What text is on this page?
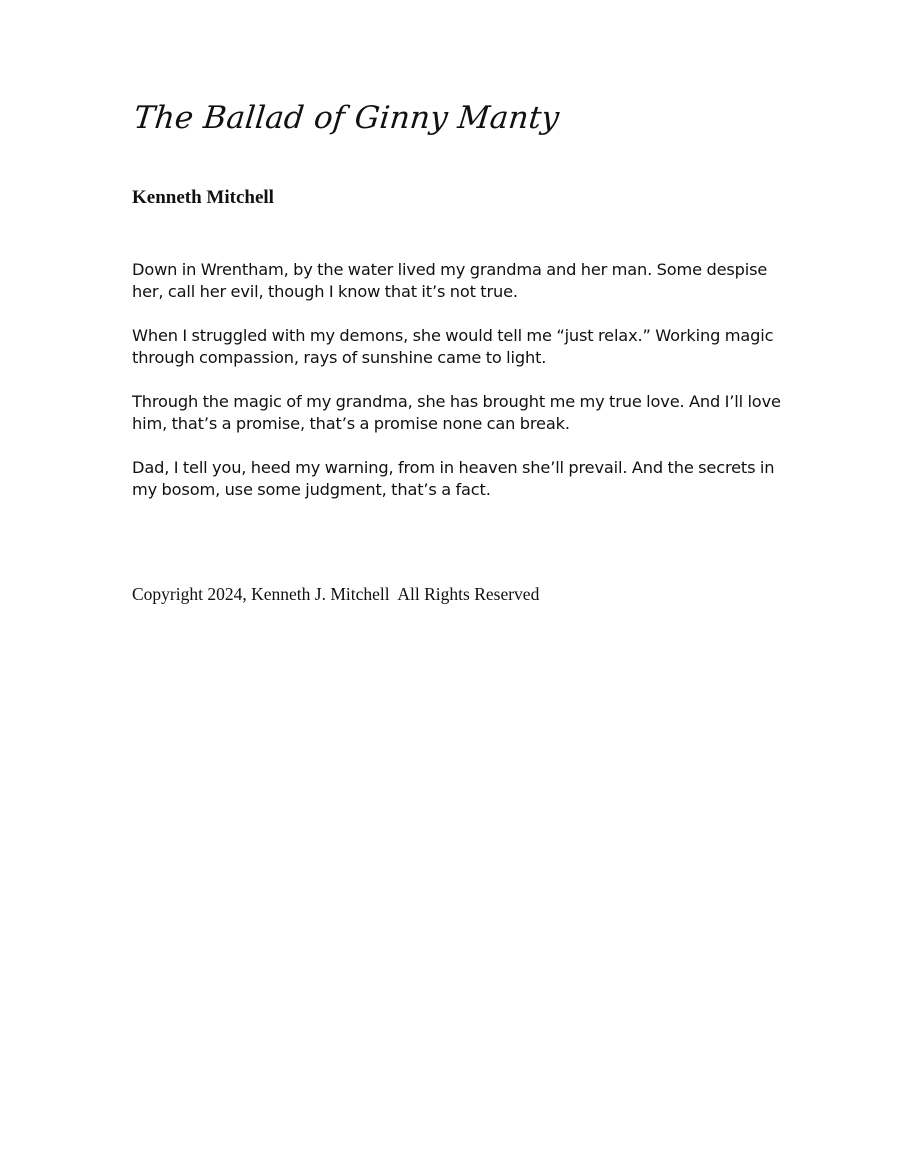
The Ballad of Ginny Manty
Kenneth Mitchell

Down in Wrentham, by the water lived my grandma and her man. Some despise her, call her evil, though I know that it’s not true.

When I struggled with my demons, she would tell me “just relax.” Working magic through compassion, rays of sunshine came to light.

Through the magic of my grandma, she has brought me my true love. And I’ll love him, that’s a promise, that’s a promise none can break.

Dad, I tell you, heed my warning, from in heaven she’ll prevail. And the secrets in my bosom, use some judgment, that’s a fact.

Copyright 2024, Kenneth J. Mitchell  All Rights Reserved
